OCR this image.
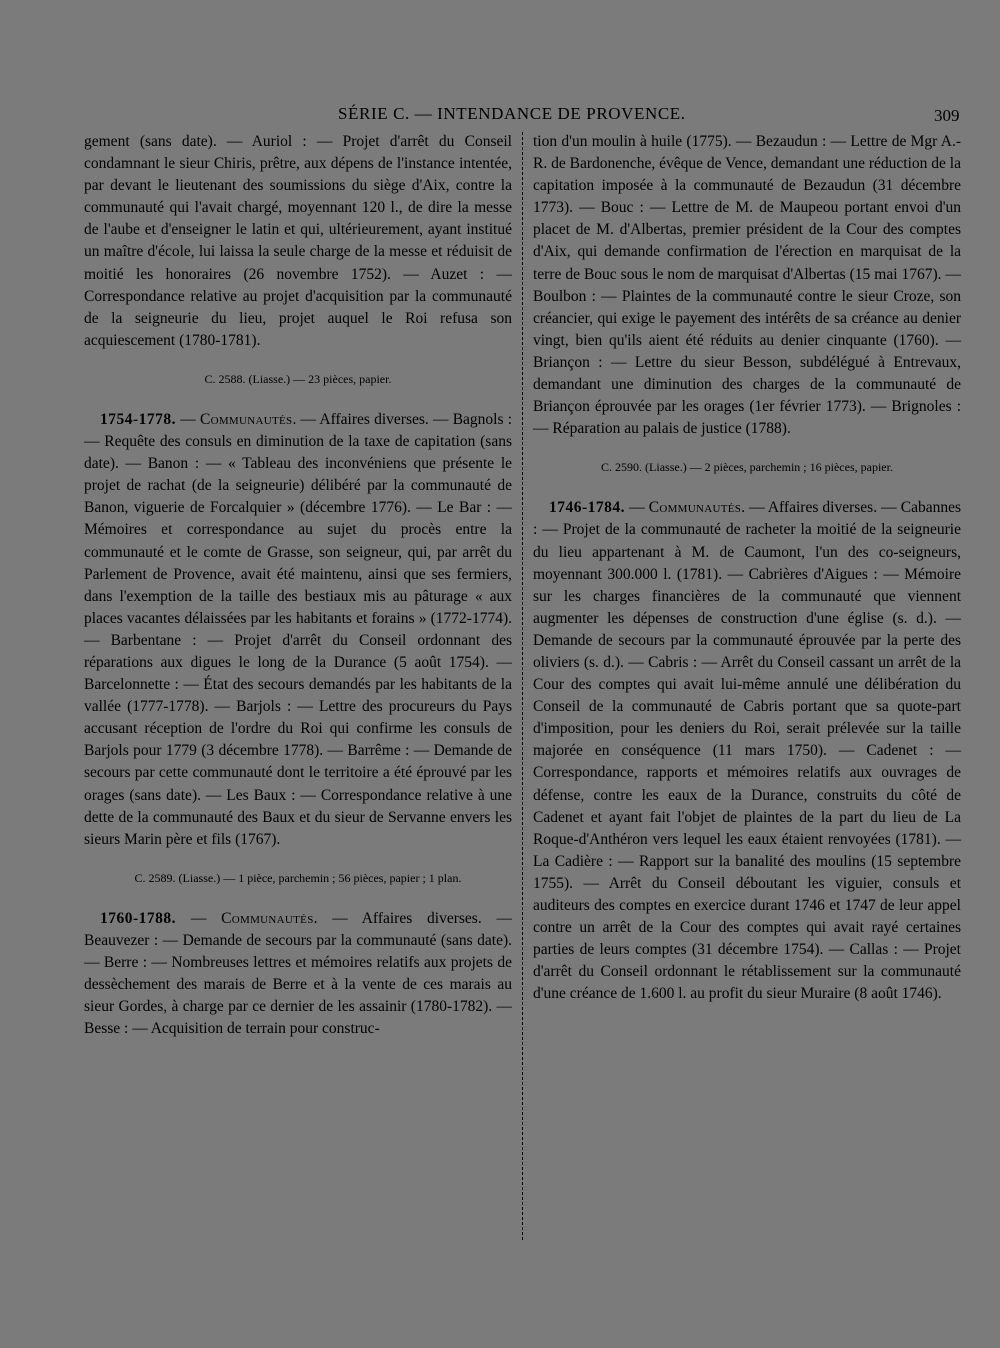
SÉRIE C. — INTENDANCE DE PROVENCE.	309

gement (sans date). — Auriol : — Projet d'arrêt du Conseil condamnant le sieur Chiris, prêtre, aux dépens de l'instance intentée, par devant le lieutenant des soumissions du siège d'Aix, contre la communauté qui l'avait chargé, moyennant 120 l., de dire la messe de l'aube et d'enseigner le latin et qui, ultérieurement, ayant institué un maître d'école, lui laissa la seule charge de la messe et réduisit de moitié les honoraires (26 novembre 1752). — Auzet : — Correspondance relative au projet d'acquisition par la communauté de la seigneurie du lieu, projet auquel le Roi refusa son acquiescement (1780-1781).

C. 2588. (Liasse.) — 23 pièces, papier.

1754-1778. — Communautés. — Affaires diverses. — Bagnols : — Requête des consuls en diminution de la taxe de capitation (sans date). — Banon : — « Tableau des inconvéniens que présente le projet de rachat (de la seigneurie) délibéré par la communauté de Banon, viguerie de Forcalquier » (décembre 1776). — Le Bar : — Mémoires et correspondance au sujet du procès entre la communauté et le comte de Grasse, son seigneur, qui, par arrêt du Parlement de Provence, avait été maintenu, ainsi que ses fermiers, dans l'exemption de la taille des bestiaux mis au pâturage « aux places vacantes délaissées par les habitants et forains » (1772-1774). — Barbentane : — Projet d'arrêt du Conseil ordonnant des réparations aux digues le long de la Durance (5 août 1754). — Barcelonnette : — État des secours demandés par les habitants de la vallée (1777-1778). — Barjols : — Lettre des procureurs du Pays accusant réception de l'ordre du Roi qui confirme les consuls de Barjols pour 1779 (3 décembre 1778). — Barrême : — Demande de secours par cette communauté dont le territoire a été éprouvé par les orages (sans date). — Les Baux : — Correspondance relative à une dette de la communauté des Baux et du sieur de Servanne envers les sieurs Marin père et fils (1767).

C. 2589. (Liasse.) — 1 pièce, parchemin ; 56 pièces, papier ; 1 plan.

1760-1788. — Communautés. — Affaires diverses. — Beauvezer : — Demande de secours par la communauté (sans date). — Berre : — Nombreuses lettres et mémoires relatifs aux projets de dessèchement des marais de Berre et à la vente de ces marais au sieur Gordes, à charge par ce dernier de les assainir (1780-1782). — Besse : — Acquisition de terrain pour construc-

tion d'un moulin à huile (1775). — Bezaudun : — Lettre de Mgr A.-R. de Bardonenche, évêque de Vence, demandant une réduction de la capitation imposée à la communauté de Bezaudun (31 décembre 1773). — Bouc : — Lettre de M. de Maupeou portant envoi d'un placet de M. d'Albertas, premier président de la Cour des comptes d'Aix, qui demande confirmation de l'érection en marquisat de la terre de Bouc sous le nom de marquisat d'Albertas (15 mai 1767). — Boulbon : — Plaintes de la communauté contre le sieur Croze, son créancier, qui exige le payement des intérêts de sa créance au denier vingt, bien qu'ils aient été réduits au denier cinquante (1760). — Briançon : — Lettre du sieur Besson, subdélégué à Entrevaux, demandant une diminution des charges de la communauté de Briançon éprouvée par les orages (1er février 1773). — Brignoles : — Réparation au palais de justice (1788).

C. 2590. (Liasse.) — 2 pièces, parchemin ; 16 pièces, papier.

1746-1784. — Communautés. — Affaires diverses. — Cabannes : — Projet de la communauté de racheter la moitié de la seigneurie du lieu appartenant à M. de Caumont, l'un des co-seigneurs, moyennant 300.000 l. (1781). — Cabrières d'Aigues : — Mémoire sur les charges financières de la communauté que viennent augmenter les dépenses de construction d'une église (s. d.). — Demande de secours par la communauté éprouvée par la perte des oliviers (s. d.). — Cabris : — Arrêt du Conseil cassant un arrêt de la Cour des comptes qui avait lui-même annulé une délibération du Conseil de la communauté de Cabris portant que sa quote-part d'imposition, pour les deniers du Roi, serait prélevée sur la taille majorée en conséquence (11 mars 1750). — Cadenet : — Correspondance, rapports et mémoires relatifs aux ouvrages de défense, contre les eaux de la Durance, construits du côté de Cadenet et ayant fait l'objet de plaintes de la part du lieu de La Roque-d'Anthéron vers lequel les eaux étaient renvoyées (1781). — La Cadière : — Rapport sur la banalité des moulins (15 septembre 1755). — Arrêt du Conseil déboutant les viguier, consuls et auditeurs des comptes en exercice durant 1746 et 1747 de leur appel contre un arrêt de la Cour des comptes qui avait rayé certaines parties de leurs comptes (31 décembre 1754). — Callas : — Projet d'arrêt du Conseil ordonnant le rétablissement sur la communauté d'une créance de 1.600 l. au profit du sieur Muraire (8 août 1746).
